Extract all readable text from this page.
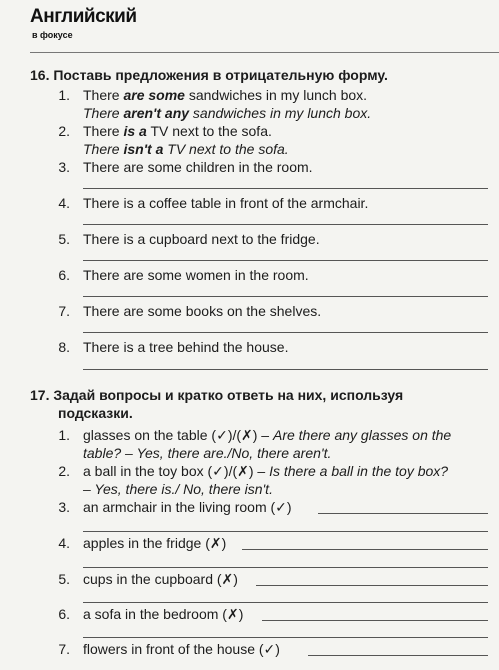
Английский
в фокусе
16. Поставь предложения в отрицательную форму.
1. There are some sandwiches in my lunch box.
There aren't any sandwiches in my lunch box.
2. There is a TV next to the sofa.
There isn't a TV next to the sofa.
3. There are some children in the room.
4. There is a coffee table in front of the armchair.
5. There is a cupboard next to the fridge.
6. There are some women in the room.
7. There are some books on the shelves.
8. There is a tree behind the house.
17. Задай вопросы и кратко ответь на них, используя
подсказки.
1. glasses on the table (✓)/(✗) – Are there any glasses on the
table? – Yes, there are./No, there aren't.
2. a ball in the toy box (✓)/(✗) – Is there a ball in the toy box?
– Yes, there is./ No, there isn't.
3. an armchair in the living room (✓)
4. apples in the fridge (✗)
5. cups in the cupboard (✗)
6. a sofa in the bedroom (✗)
7. flowers in front of the house (✓)
